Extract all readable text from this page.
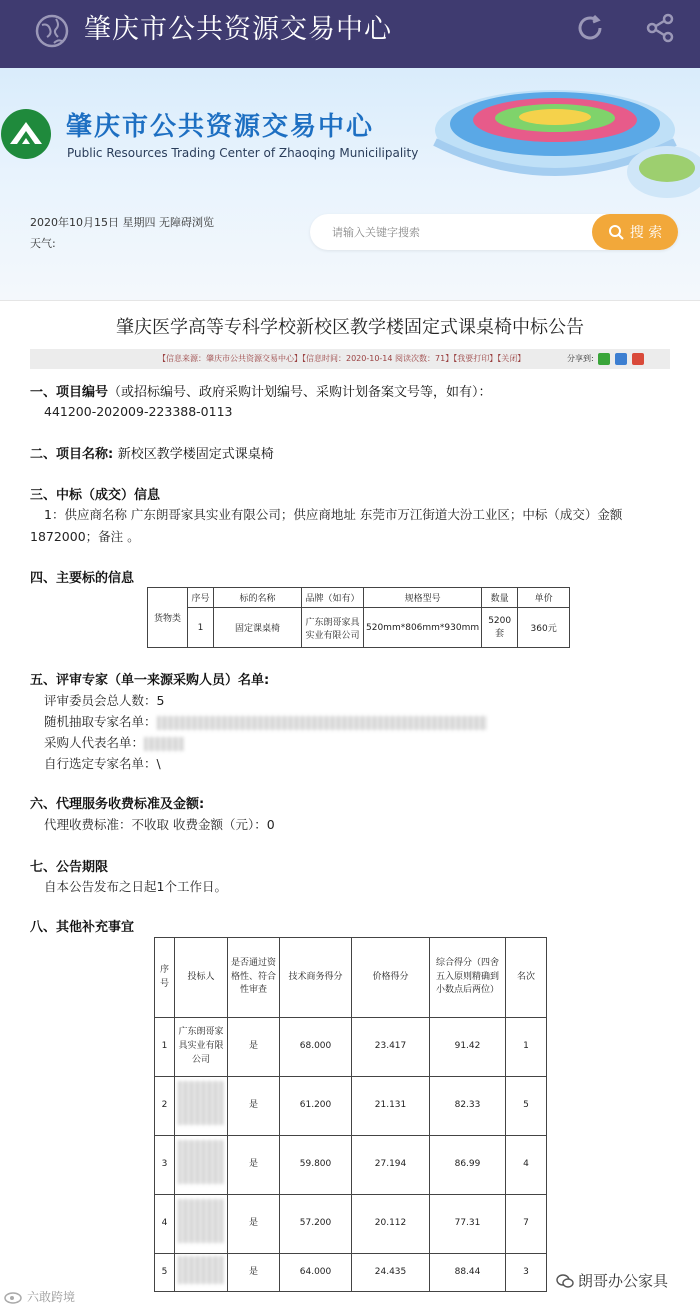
肇庆市公共资源交易中心
肇庆市公共资源交易中心
Public Resources Trading Center of Zhaoqing Municilipality
2020年10月15日 星期四 无障碍浏览
天气:
请输入关键字搜索	搜 索
肇庆医学高等专科学校新校区教学楼固定式课桌椅中标公告
【信息来源：肇庆市公共资源交易中心】【信息时间：2020-10-14 阅读次数：71】【我要打印】【关闭】	分享到:
一、项目编号（或招标编号、政府采购计划编号、采购计划备案文号等，如有）：
441200-202009-223388-0113
二、项目名称: 新校区教学楼固定式课桌椅
三、中标（成交）信息
1：供应商名称 广东朗哥家具实业有限公司；供应商地址 东莞市万江街道大汾工业区；中标（成交）金额
1872000；备注 。
四、主要标的信息
货物类	序号	标的名称	品牌（如有）	规格型号	数量	单价
	1	固定课桌椅	广东朗哥家具实业有限公司	520mm*806mm*930mm	5200套	360元
五、评审专家（单一来源采购人员）名单:
评审委员会总人数：5
随机抽取专家名单：
采购人代表名单：
自行选定专家名单：\
六、代理服务收费标准及金额:
代理收费标准：不收取 收费金额（元）：0
七、公告期限
自本公告发布之日起1个工作日。
八、其他补充事宜
序号	投标人	是否通过资格性、符合性审查	技术商务得分	价格得分	综合得分（四舍五入原则精确到小数点后两位）	名次
1	广东朗哥家具实业有限公司	是	68.000	23.417	91.42	1
2		是	61.200	21.131	82.33	5
3		是	59.800	27.194	86.99	4
4		是	57.200	20.112	77.31	7
5		是	64.000	24.435	88.44	3
六敢跨境
朗哥办公家具
